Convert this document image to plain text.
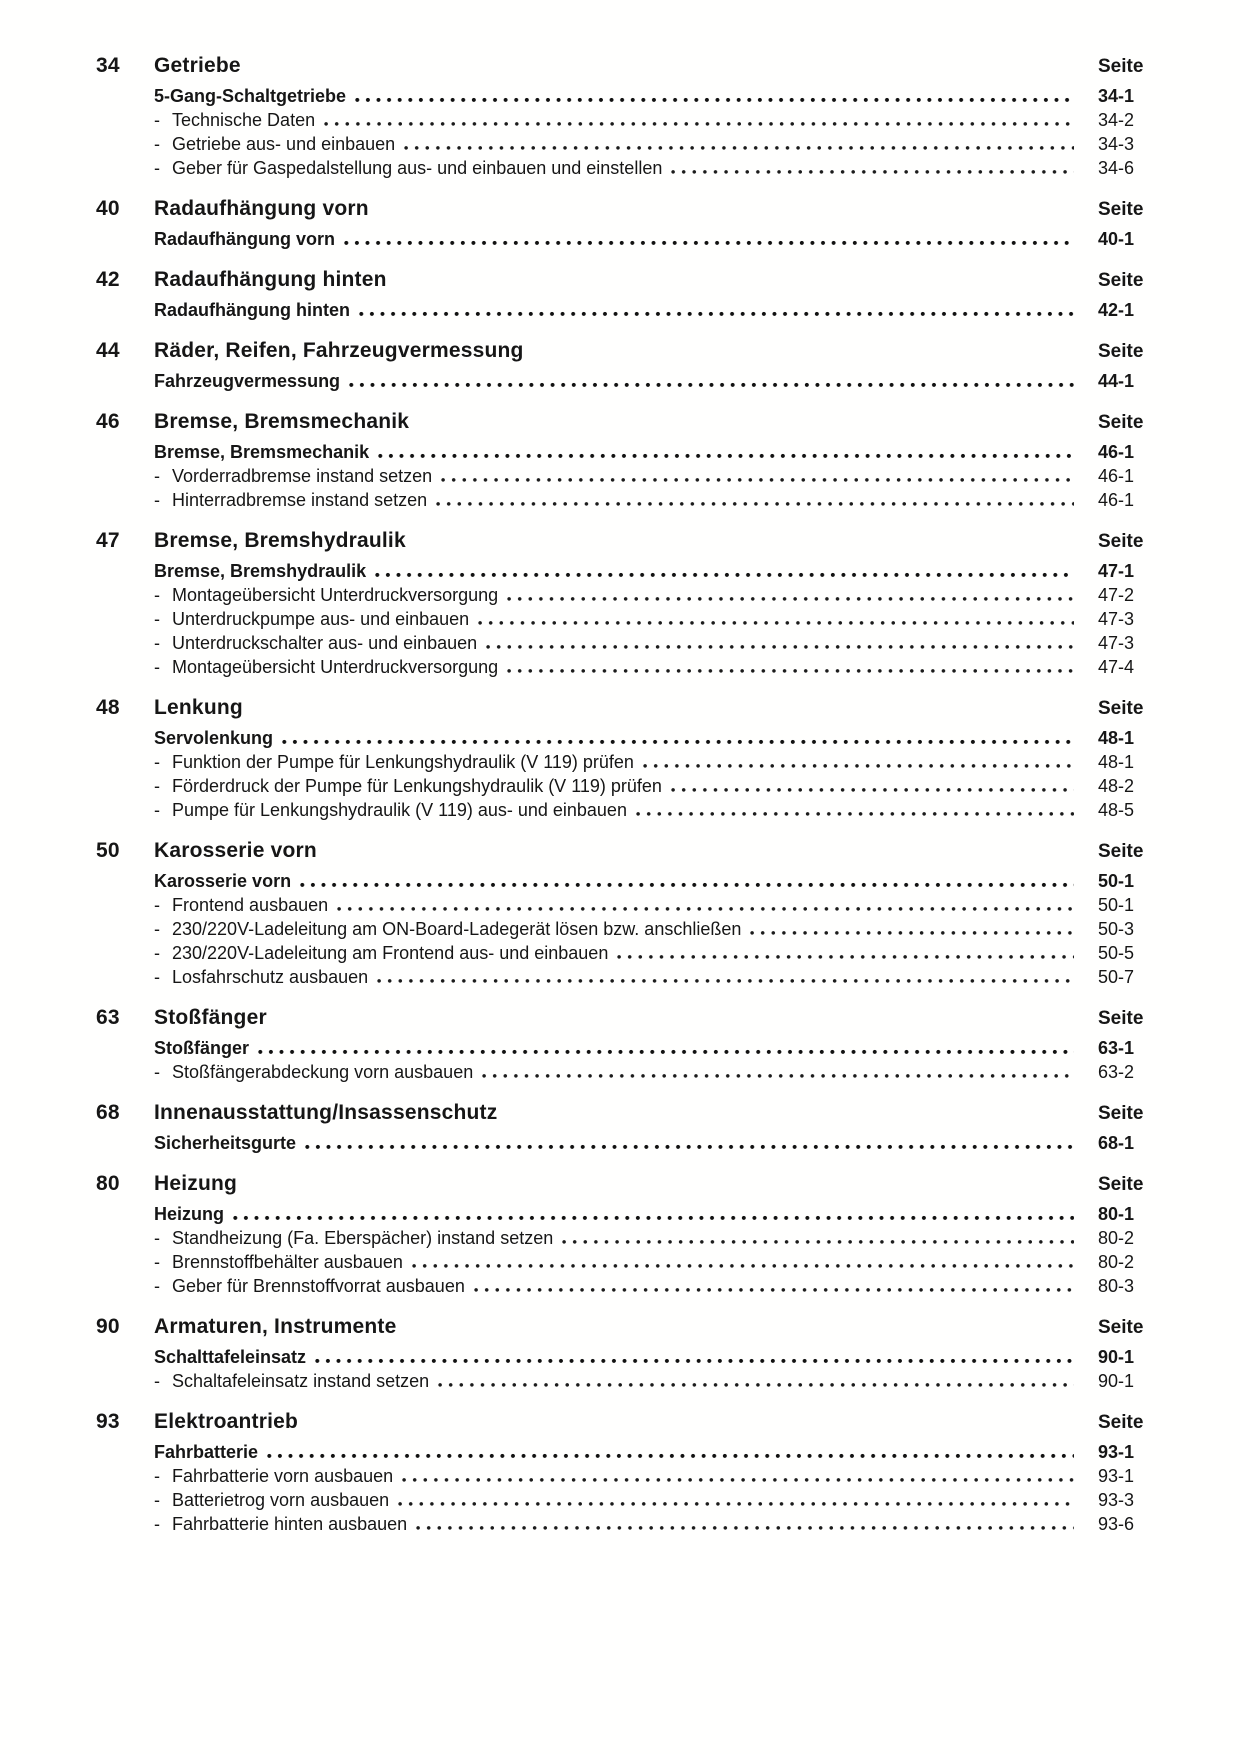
34	Getriebe	Seite
5-Gang-Schaltgetriebe	34-1
- Technische Daten	34-2
- Getriebe aus- und einbauen	34-3
- Geber für Gaspedalstellung aus- und einbauen und einstellen	34-6
40	Radaufhängung vorn	Seite
Radaufhängung vorn	40-1
42	Radaufhängung hinten	Seite
Radaufhängung hinten	42-1
44	Räder, Reifen, Fahrzeugvermessung	Seite
Fahrzeugvermessung	44-1
46	Bremse, Bremsmechanik	Seite
Bremse, Bremsmechanik	46-1
- Vorderradbremse instand setzen	46-1
- Hinterradbremse instand setzen	46-1
47	Bremse, Bremshydraulik	Seite
Bremse, Bremshydraulik	47-1
- Montageübersicht Unterdruckversorgung	47-2
- Unterdruckpumpe aus- und einbauen	47-3
- Unterdruckschalter aus- und einbauen	47-3
- Montageübersicht Unterdruckversorgung	47-4
48	Lenkung	Seite
Servolenkung	48-1
- Funktion der Pumpe für Lenkungshydraulik (V 119) prüfen	48-1
- Förderdruck der Pumpe für Lenkungshydraulik (V 119) prüfen	48-2
- Pumpe für Lenkungshydraulik (V 119) aus- und einbauen	48-5
50	Karosserie vorn	Seite
Karosserie vorn	50-1
- Frontend ausbauen	50-1
- 230/220V-Ladeleitung am ON-Board-Ladegerät lösen bzw. anschließen	50-3
- 230/220V-Ladeleitung am Frontend aus- und einbauen	50-5
- Losfahrschutz ausbauen	50-7
63	Stoßfänger	Seite
Stoßfänger	63-1
- Stoßfängerabdeckung vorn ausbauen	63-2
68	Innenausstattung/Insassenschutz	Seite
Sicherheitsgurte	68-1
80	Heizung	Seite
Heizung	80-1
- Standheizung (Fa. Eberspächer) instand setzen	80-2
- Brennstoffbehälter ausbauen	80-2
- Geber für Brennstoffvorrat ausbauen	80-3
90	Armaturen, Instrumente	Seite
Schalttafeleinsatz	90-1
- Schaltafeleinsatz instand setzen	90-1
93	Elektroantrieb	Seite
Fahrbatterie	93-1
- Fahrbatterie vorn ausbauen	93-1
- Batterietrog vorn ausbauen	93-3
- Fahrbatterie hinten ausbauen	93-6
